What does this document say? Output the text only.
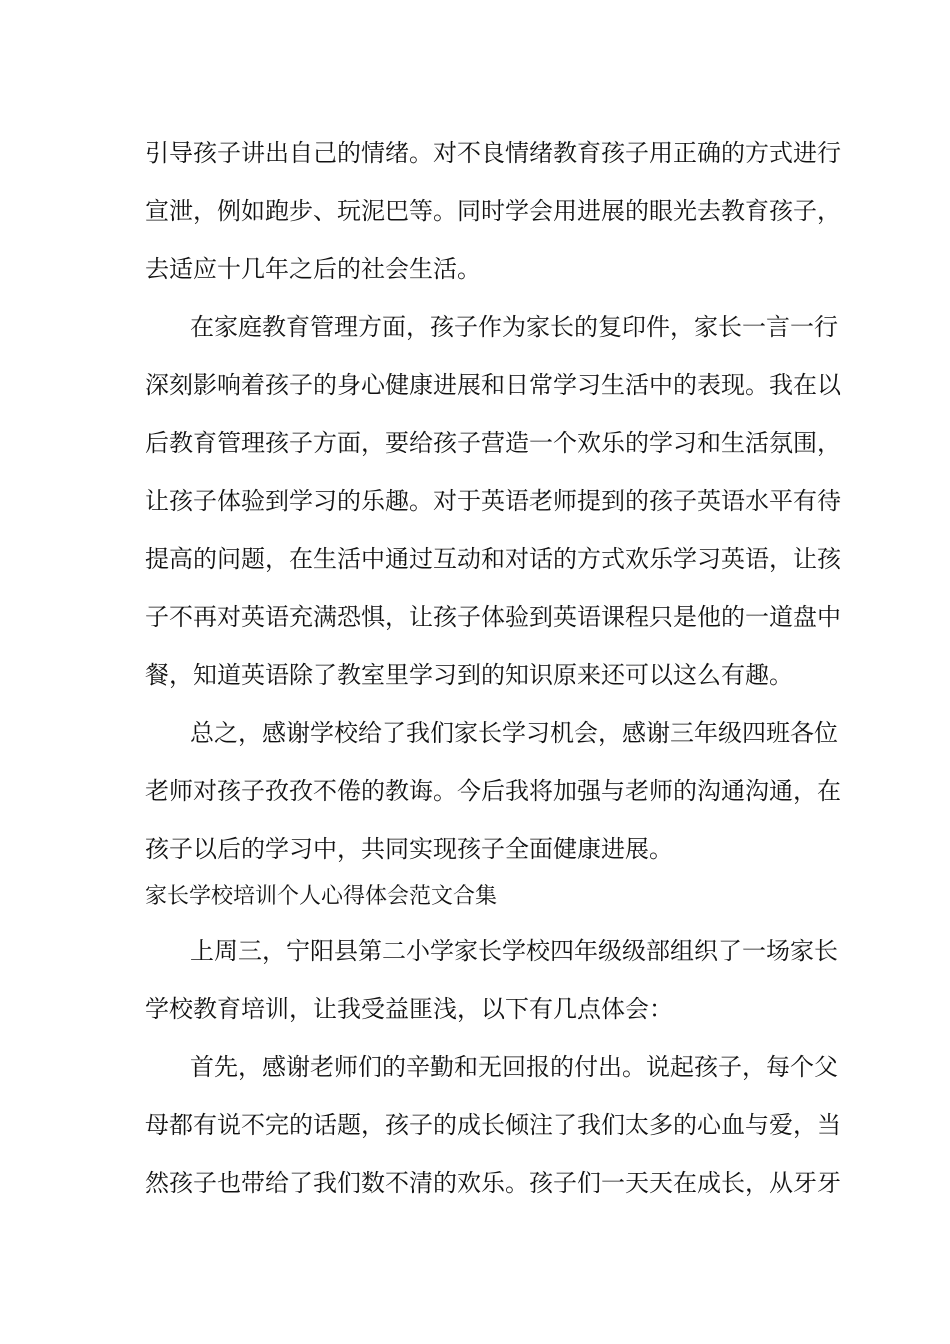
引导孩子讲出自己的情绪。对不良情绪教育孩子用正确的方式进行
宣泄，例如跑步、玩泥巴等。同时学会用进展的眼光去教育孩子，
去适应十几年之后的社会生活。
在家庭教育管理方面，孩子作为家长的复印件，家长一言一行
深刻影响着孩子的身心健康进展和日常学习生活中的表现。我在以
后教育管理孩子方面，要给孩子营造一个欢乐的学习和生活氛围，
让孩子体验到学习的乐趣。对于英语老师提到的孩子英语水平有待
提高的问题，在生活中通过互动和对话的方式欢乐学习英语，让孩
子不再对英语充满恐惧，让孩子体验到英语课程只是他的一道盘中
餐，知道英语除了教室里学习到的知识原来还可以这么有趣。
总之，感谢学校给了我们家长学习机会，感谢三年级四班各位
老师对孩子孜孜不倦的教诲。今后我将加强与老师的沟通沟通，在
孩子以后的学习中，共同实现孩子全面健康进展。
家长学校培训个人心得体会范文合集
上周三，宁阳县第二小学家长学校四年级级部组织了一场家长
学校教育培训，让我受益匪浅，以下有几点体会：
首先，感谢老师们的辛勤和无回报的付出。说起孩子，每个父
母都有说不完的话题，孩子的成长倾注了我们太多的心血与爱，当
然孩子也带给了我们数不清的欢乐。孩子们一天天在成长，从牙牙
